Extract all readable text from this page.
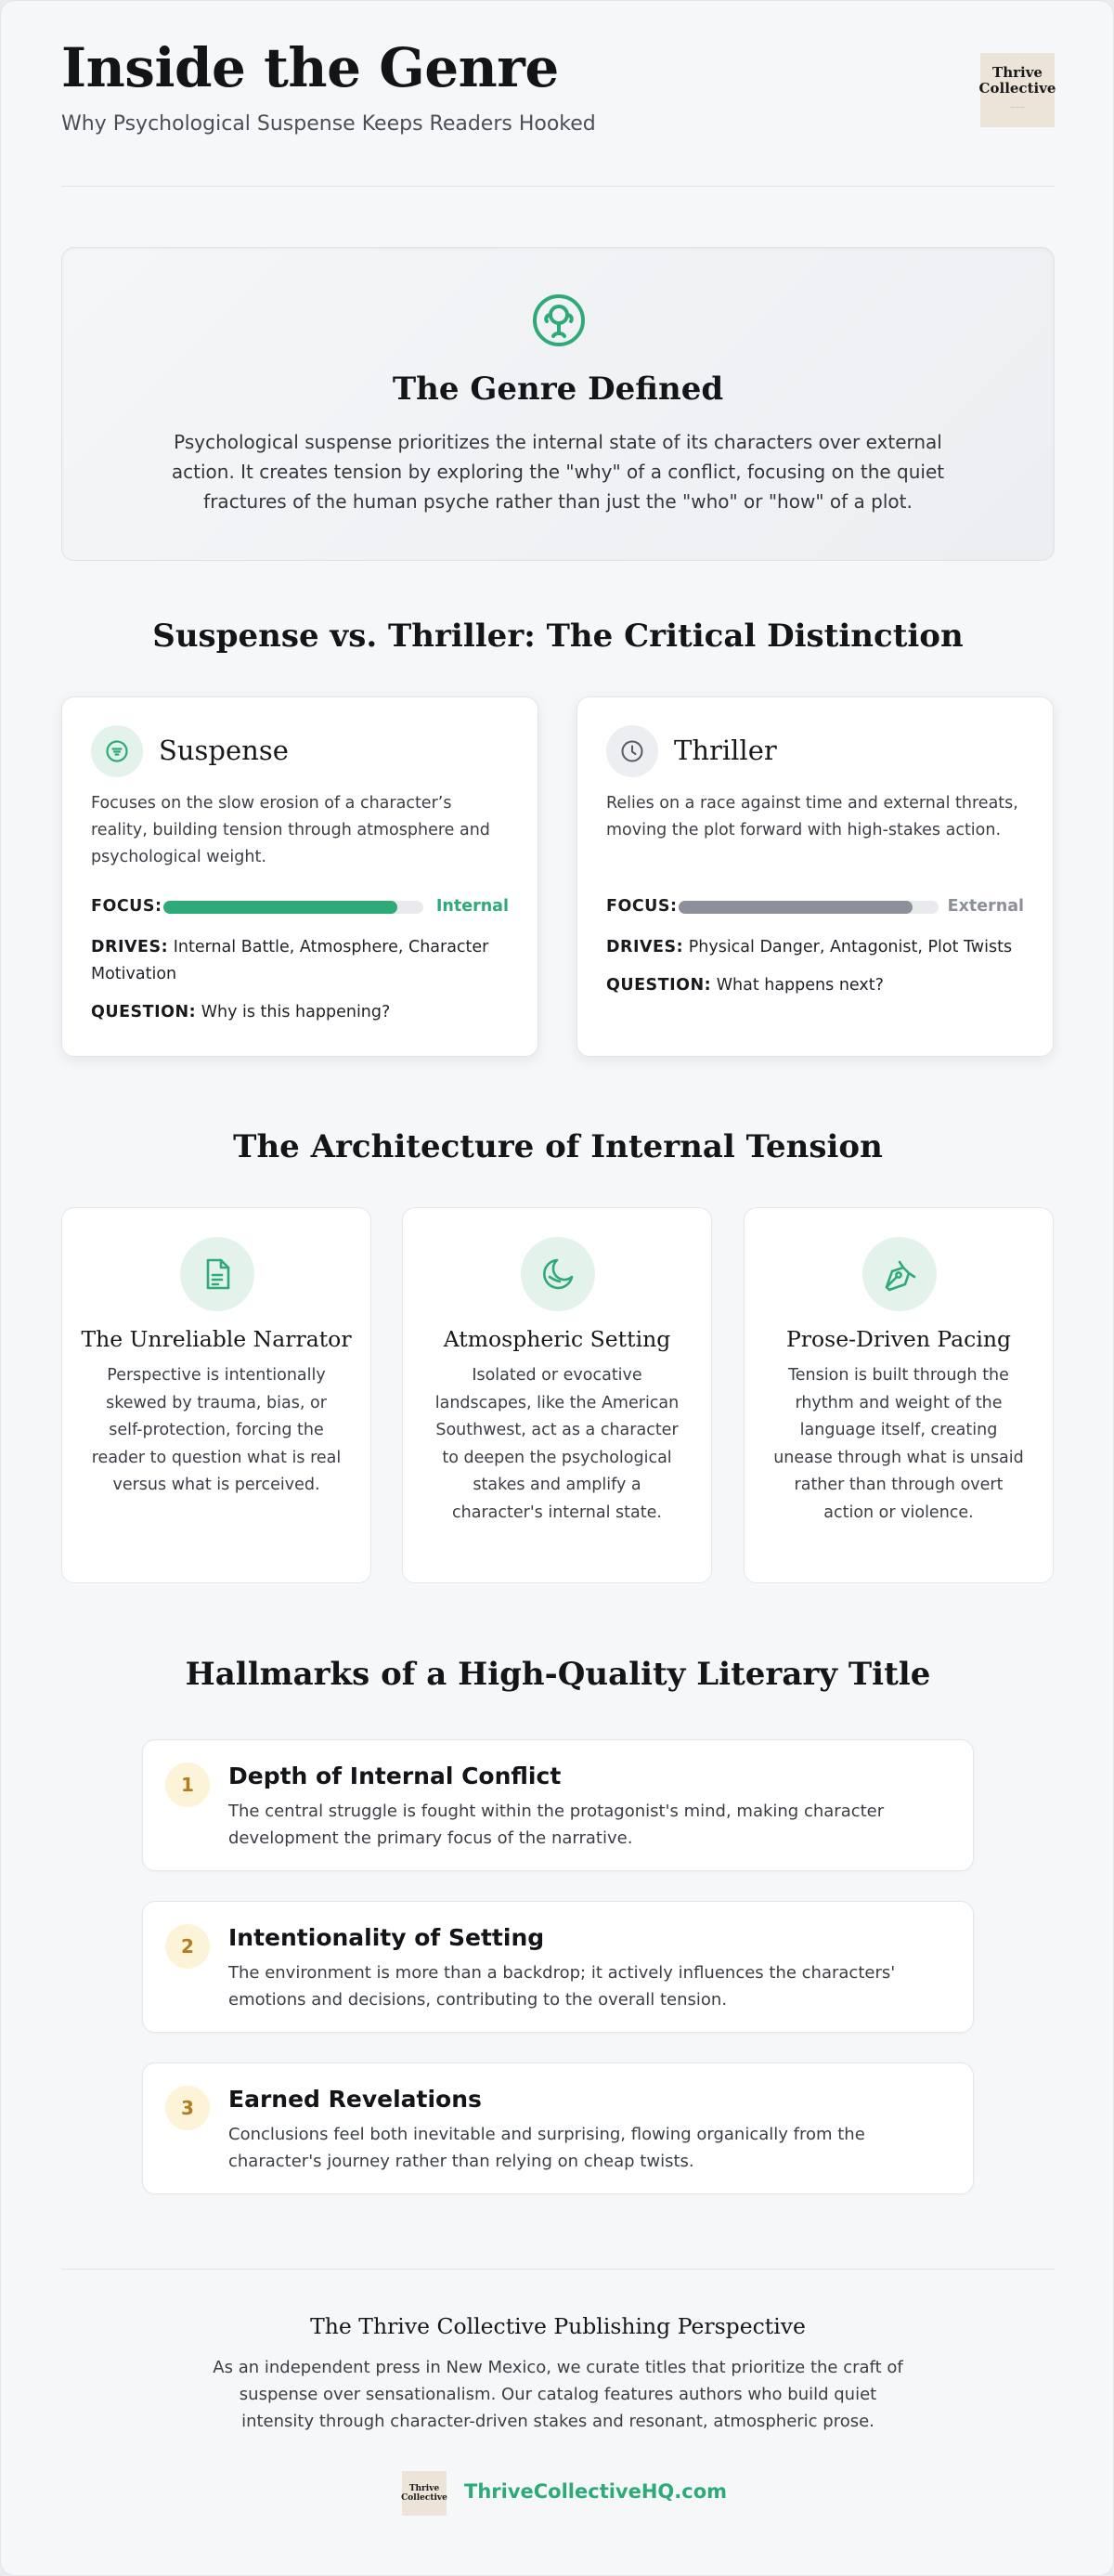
Inside the Genre
Why Psychological Suspense Keeps Readers Hooked
Thrive
Collective
———
The Genre Defined

Psychological suspense prioritizes the internal state of its characters over external action. It creates tension by exploring the "why" of a conflict, focusing on the quiet fractures of the human psyche rather than just the "who" or "how" of a plot.

Suspense vs. Thriller: The Critical Distinction
Suspense
Focuses on the slow erosion of a character’s reality, building tension through atmosphere and psychological weight.
FOCUS:	Internal
DRIVES: Internal Battle, Atmosphere, Character Motivation
QUESTION: Why is this happening?
Thriller
Relies on a race against time and external threats, moving the plot forward with high-stakes action.
FOCUS:	External
DRIVES: Physical Danger, Antagonist, Plot Twists
QUESTION: What happens next?
The Architecture of Internal Tension
The Unreliable Narrator

Perspective is intentionally skewed by trauma, bias, or self-protection, forcing the reader to question what is real versus what is perceived.

Atmospheric Setting

Isolated or evocative landscapes, like the American Southwest, act as a character to deepen the psychological stakes and amplify a character's internal state.

Prose-Driven Pacing

Tension is built through the rhythm and weight of the language itself, creating unease through what is unsaid rather than through overt action or violence.

Hallmarks of a High-Quality Literary Title
1	Depth of Internal Conflict

The central struggle is fought within the protagonist's mind, making character development the primary focus of the narrative.

2	Intentionality of Setting

The environment is more than a backdrop; it actively influences the characters' emotions and decisions, contributing to the overall tension.

3	Earned Revelations

Conclusions feel both inevitable and surprising, flowing organically from the character's journey rather than relying on cheap twists.

The Thrive Collective Publishing Perspective
As an independent press in New Mexico, we curate titles that prioritize the craft of suspense over sensationalism. Our catalog features authors who build quiet intensity through character-driven stakes and resonant, atmospheric prose.
Thrive
Collective ThriveCollectiveHQ.com
